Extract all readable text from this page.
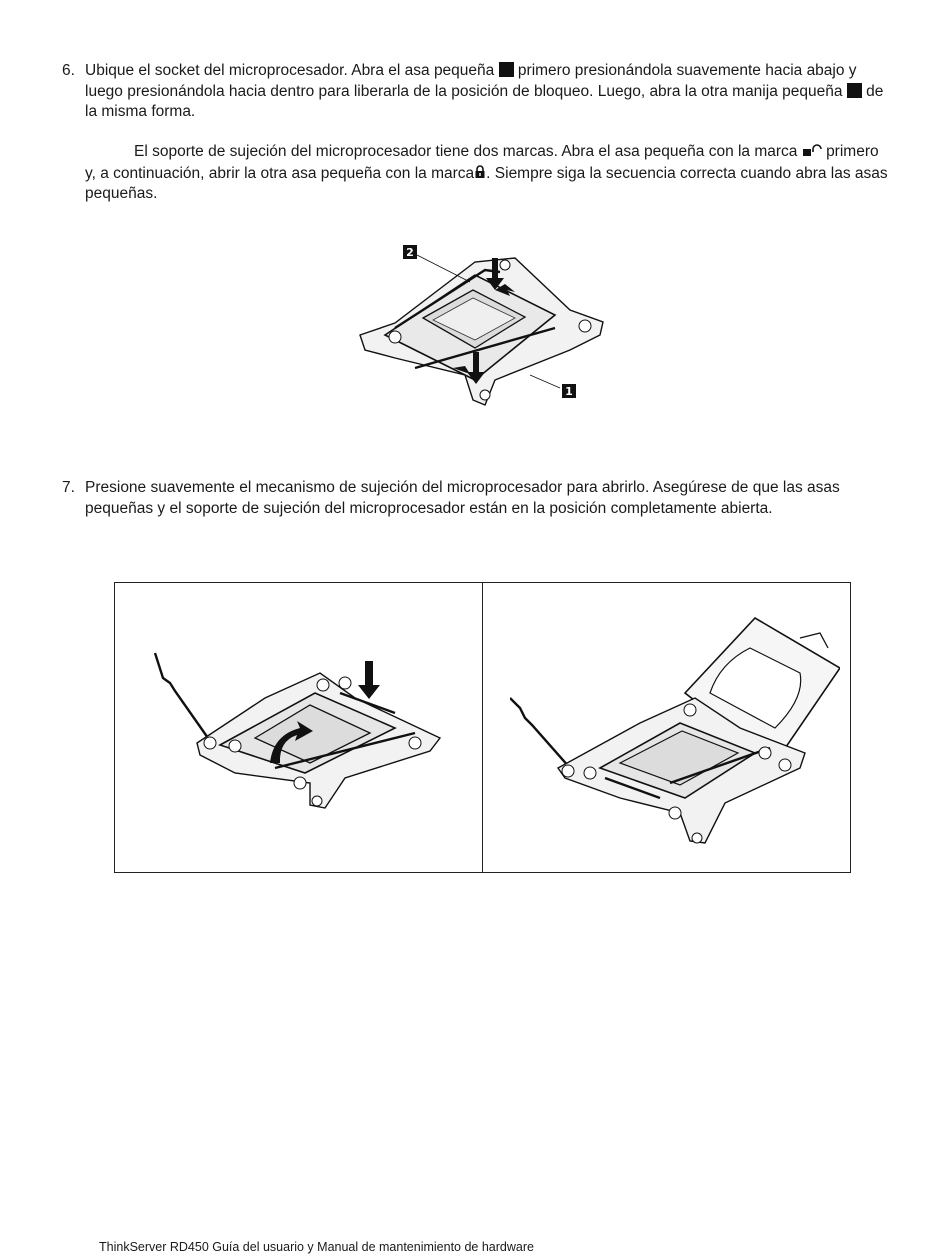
6. Ubique el socket del microprocesador. Abra el asa pequeña primero presionándola suavemente hacia abajo y luego presionándola hacia dentro para liberarla de la posición de bloqueo. Luego, abra la otra manija pequeña de la misma forma.
El soporte de sujeción del microprocesador tiene dos marcas. Abra el asa pequeña con la marca primero y, a continuación, abrir la otra asa pequeña con la marca . Siempre siga la secuencia correcta cuando abra las asas pequeñas.
2
1
7. Presione suavemente el mecanismo de sujeción del microprocesador para abrirlo. Asegúrese de que las asas pequeñas y el soporte de sujeción del microprocesador están en la posición completamente abierta.
ThinkServer RD450 Guía del usuario y Manual de mantenimiento de hardware
